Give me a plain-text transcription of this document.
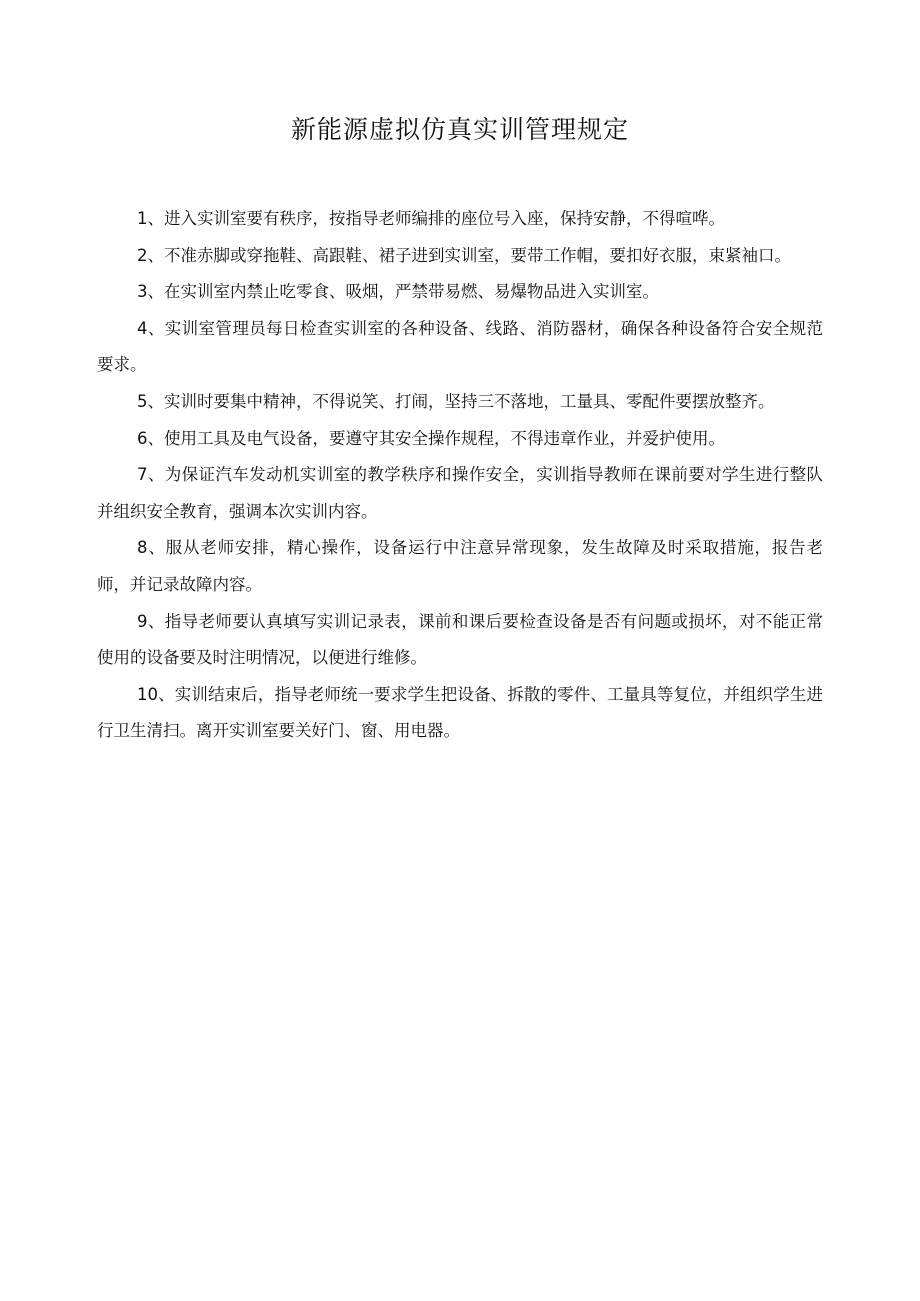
新能源虚拟仿真实训管理规定
1、进入实训室要有秩序，按指导老师编排的座位号入座，保持安静，不得喧哗。
2、不准赤脚或穿拖鞋、高跟鞋、裙子进到实训室，要带工作帽，要扣好衣服，束紧袖口。
3、在实训室内禁止吃零食、吸烟，严禁带易燃、易爆物品进入实训室。
4、实训室管理员每日检查实训室的各种设备、线路、消防器材，确保各种设备符合安全规范要求。
5、实训时要集中精神，不得说笑、打闹，坚持三不落地，工量具、零配件要摆放整齐。
6、使用工具及电气设备，要遵守其安全操作规程，不得违章作业，并爱护使用。
7、为保证汽车发动机实训室的教学秩序和操作安全，实训指导教师在课前要对学生进行整队并组织安全教育，强调本次实训内容。
8、服从老师安排，精心操作，设备运行中注意异常现象，发生故障及时采取措施，报告老师，并记录故障内容。
9、指导老师要认真填写实训记录表，课前和课后要检查设备是否有问题或损坏，对不能正常使用的设备要及时注明情况，以便进行维修。
10、实训结束后，指导老师统一要求学生把设备、拆散的零件、工量具等复位，并组织学生进行卫生清扫。离开实训室要关好门、窗、用电器。
